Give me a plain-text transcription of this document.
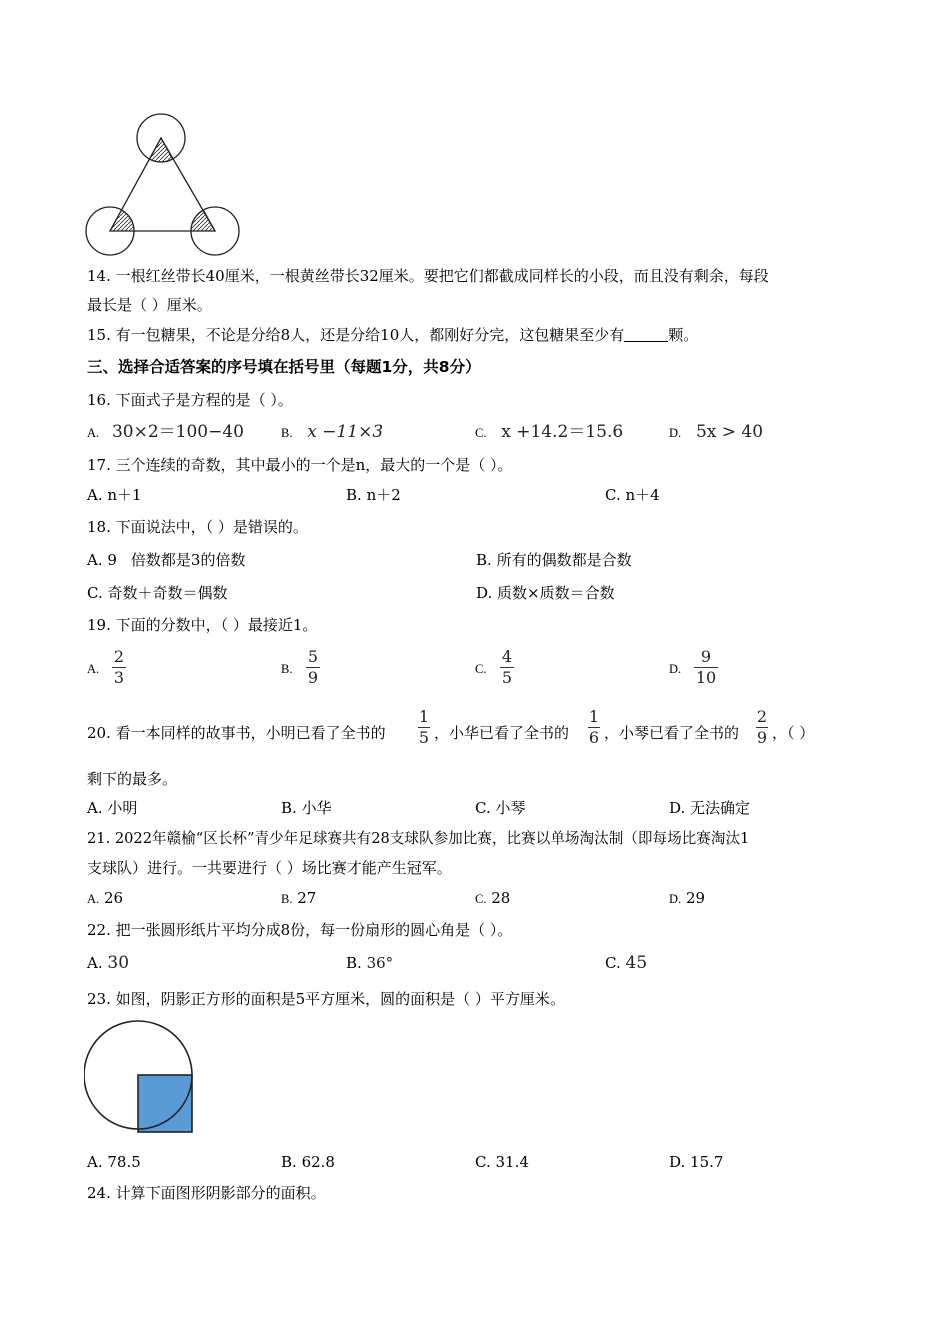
14. 一根红丝带长40厘米，一根黄丝带长32厘米。要把它们都截成同样长的小段，而且没有剩余，每段
最长是（ ）厘米。
15. 有一包糖果，不论是分给8人，还是分给10人，都刚好分完，这包糖果至少有	颗。
三、选择合适答案的序号填在括号里（每题1分，共8分）
16. 下面式子是方程的是（ ）。
A. 30×2＝100−40	B. x −11×3	C. x +14.2＝15.6	D. 5x > 40
17. 三个连续的奇数，其中最小的一个是n，最大的一个是（ ）。
A. n＋1	B. n＋2	C. n＋4
18. 下面说法中，（ ）是错误的。
A. 9 倍数都是3的倍数	B. 所有的偶数都是合数
C. 奇数＋奇数＝偶数	D. 质数×质数＝合数
19. 下面的分数中，（ ）最接近1。
A.
2
3	B.
5
9	C.
4
5	D.
9
10
20. 看一本同样的故事书，小明已看了全书的
1
5 ，小华已看了全书的
1
6 ，小琴已看了全书的
2
9 ，（ ）
剩下的最多。
A. 小明	B. 小华	C. 小琴	D. 无法确定
21. 2022年赣榆“区长杯”青少年足球赛共有28支球队参加比赛，比赛以单场淘汰制（即每场比赛淘汰1
支球队）进行。一共要进行（ ）场比赛才能产生冠军。
A. 26	B. 27	C. 28	D. 29
22. 把一张圆形纸片平均分成8份，每一份扇形的圆心角是（ ）。
A. 30	B. 36°	C. 45
23. 如图，阴影正方形的面积是5平方厘米，圆的面积是（ ）平方厘米。
A. 78.5	B. 62.8	C. 31.4	D. 15.7
24. 计算下面图形阴影部分的面积。
